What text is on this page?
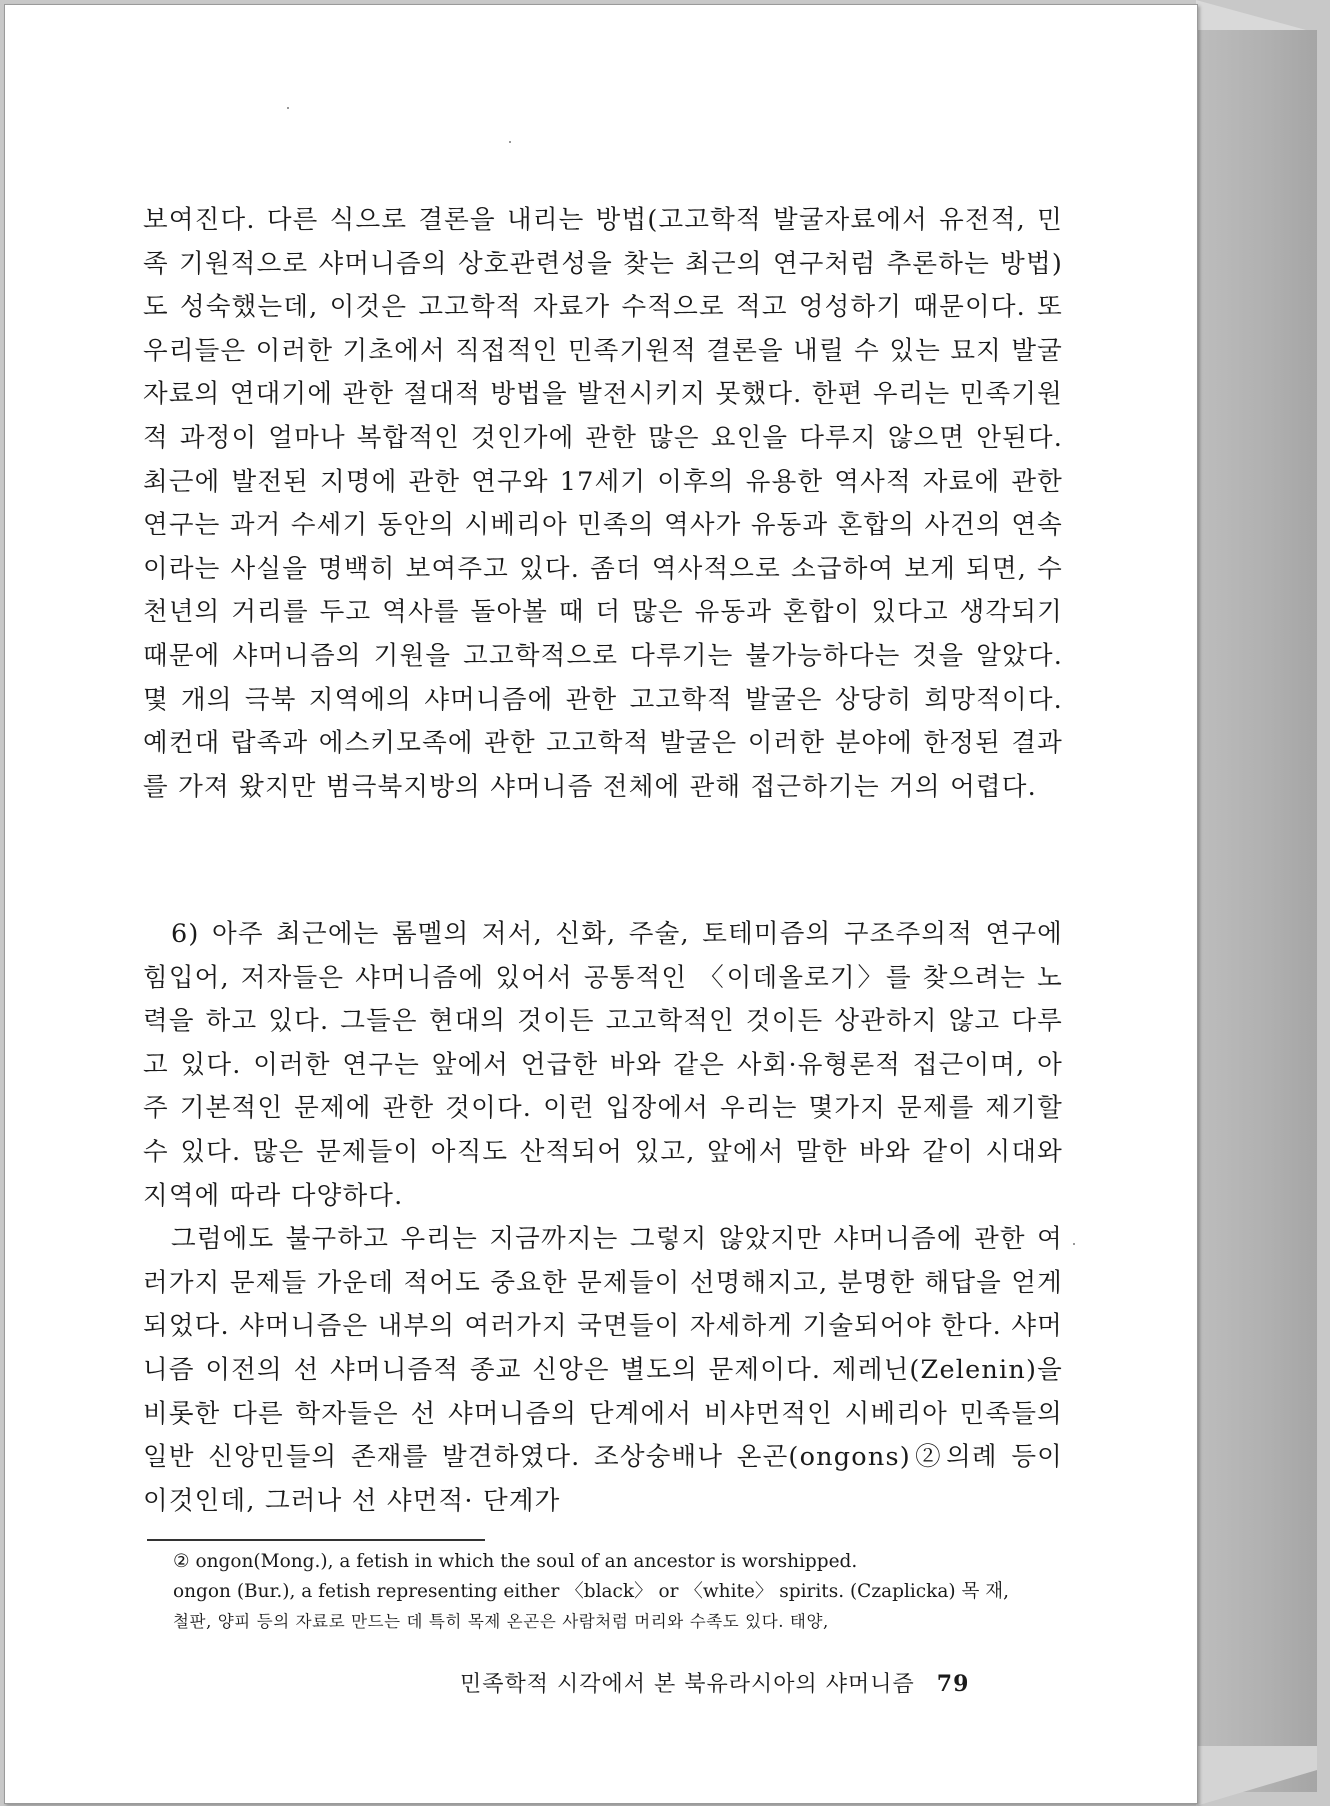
보여진다. 다른 식으로 결론을 내리는 방법(고고학적 발굴자료에서 유전적, 민족 기원적으로 샤머니즘의 상호관련성을 찾는 최근의 연구처럼 추론하는 방법)도 성숙했는데, 이것은 고고학적 자료가 수적으로 적고 엉성하기 때문이다. 또 우리들은 이러한 기초에서 직접적인 민족기원적 결론을 내릴 수 있는 묘지 발굴 자료의 연대기에 관한 절대적 방법을 발전시키지 못했다. 한편 우리는 민족기원적 과정이 얼마나 복합적인 것인가에 관한 많은 요인을 다루지 않으면 안된다. 최근에 발전된 지명에 관한 연구와 17세기 이후의 유용한 역사적 자료에 관한 연구는 과거 수세기 동안의 시베리아 민족의 역사가 유동과 혼합의 사건의 연속이라는 사실을 명백히 보여주고 있다. 좀더 역사적으로 소급하여 보게 되면, 수천년의 거리를 두고 역사를 돌아볼 때 더 많은 유동과 혼합이 있다고 생각되기 때문에 샤머니즘의 기원을 고고학적으로 다루기는 불가능하다는 것을 알았다. 몇 개의 극북 지역에의 샤머니즘에 관한 고고학적 발굴은 상당히 희망적이다. 예컨대 랍족과 에스키모족에 관한 고고학적 발굴은 이러한 분야에 한정된 결과를 가져 왔지만 범극북지방의 샤머니즘 전체에 관해 접근하기는 거의 어렵다.

6) 아주 최근에는 롬멜의 저서, 신화, 주술, 토테미즘의 구조주의적 연구에 힘입어, 저자들은 샤머니즘에 있어서 공통적인 〈이데올로기〉를 찾으려는 노력을 하고 있다. 그들은 현대의 것이든 고고학적인 것이든 상관하지 않고 다루고 있다. 이러한 연구는 앞에서 언급한 바와 같은 사회·유형론적 접근이며, 아주 기본적인 문제에 관한 것이다. 이런 입장에서 우리는 몇가지 문제를 제기할 수 있다. 많은 문제들이 아직도 산적되어 있고, 앞에서 말한 바와 같이 시대와 지역에 따라 다양하다.

그럼에도 불구하고 우리는 지금까지는 그렇지 않았지만 샤머니즘에 관한 여러가지 문제들 가운데 적어도 중요한 문제들이 선명해지고, 분명한 해답을 얻게 되었다. 샤머니즘은 내부의 여러가지 국면들이 자세하게 기술되어야 한다. 샤머니즘 이전의 선 샤머니즘적 종교 신앙은 별도의 문제이다. 제레닌(Zelenin)을 비롯한 다른 학자들은 선 샤머니즘의 단계에서 비샤먼적인 시베리아 민족들의 일반 신앙민들의 존재를 발견하였다. 조상숭배나 온곤(ongons)②의례 등이 이것인데, 그러나 선 샤먼적· 단계가

② ongon(Mong.), a fetish in which the soul of an ancestor is worshipped.

ongon (Bur.), a fetish representing either 〈black〉 or 〈white〉 spirits. (Czaplicka) 목 재,

철판, 양피 등의 자료로 만드는 데 특히 목제 온곤은 사람처럼 머리와 수족도 있다. 태양,

민족학적 시각에서 본 북유라시아의 샤머니즘 79
